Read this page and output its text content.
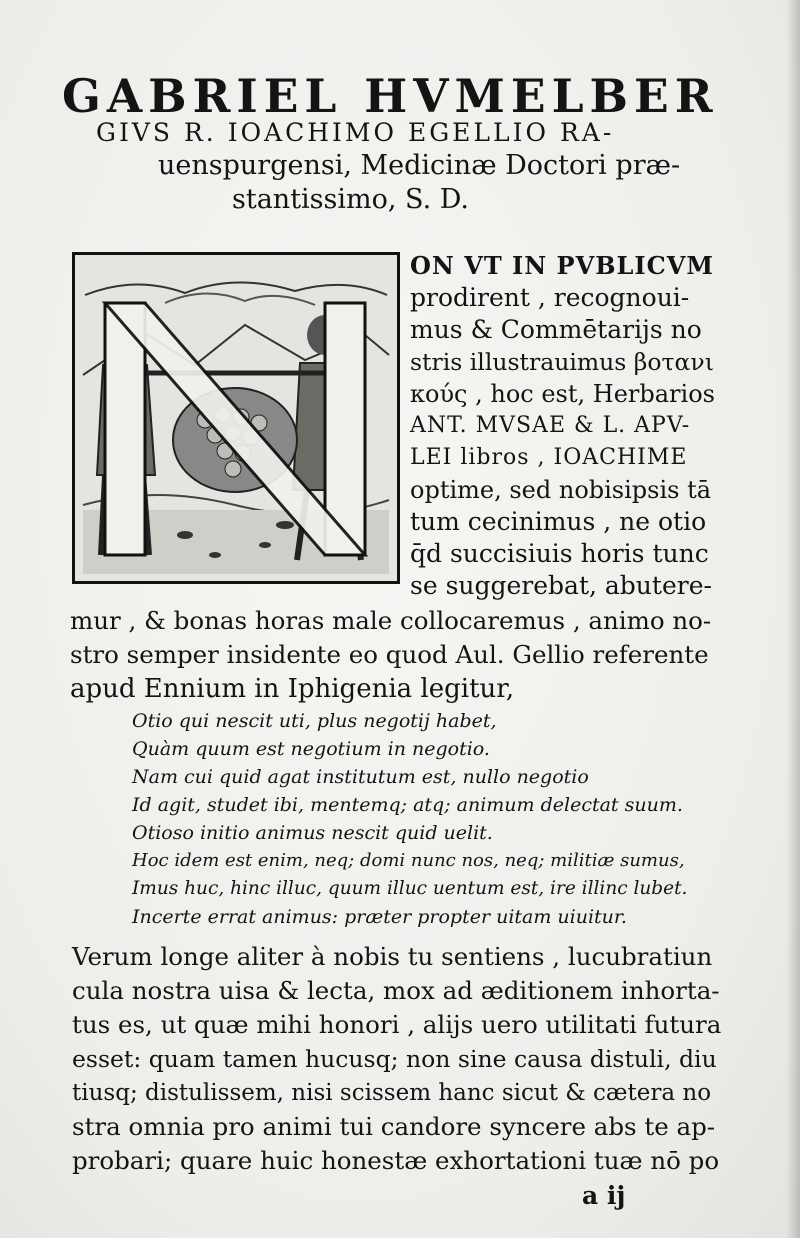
GABRIEL HVMELBER
GIVS R. IOACHIMO EGELLIO RA-
uenspurgensi, Medicinæ Doctori præ-
stantissimo, S. D.
ON VT IN PVBLICVM
prodirent , recognoui-
mus & Commētarijs no
stris illustrauimus βοτανι
κούς , hoc est, Herbarios
ANT. MVSAE & L. APV-
LEI libros , IOACHIME
optime, sed nobisipsis tā
tum cecinimus , ne otio
q̄d succisiuis horis tunc
se suggerebat, abutere-
mur , & bonas horas male collocaremus , animo no-
stro semper insidente eo quod Aul. Gellio referente
apud Ennium in Iphigenia legitur,
Otio qui nescit uti, plus negotij habet,
Quàm quum est negotium in negotio.
Nam cui quid agat institutum est, nullo negotio
Id agit, studet ibi, mentemq; atq; animum delectat suum.
Otioso initio animus nescit quid uelit.
Hoc idem est enim, neq; domi nunc nos, neq; militiæ sumus,
Imus huc, hinc illuc, quum illuc uentum est, ire illinc lubet.
Incerte errat animus: præter propter uitam uiuitur.
Verum longe aliter à nobis tu sentiens , lucubratiun
cula nostra uisa & lecta, mox ad æditionem inhorta-
tus es, ut quæ mihi honori , alijs uero utilitati futura
esset: quam tamen hucusq; non sine causa distuli, diu
tiusq; distulissem, nisi scissem hanc sicut & cætera no
stra omnia pro animi tui candore syncere abs te ap-
probari; quare huic honestæ exhortationi tuæ nō po
a ij
